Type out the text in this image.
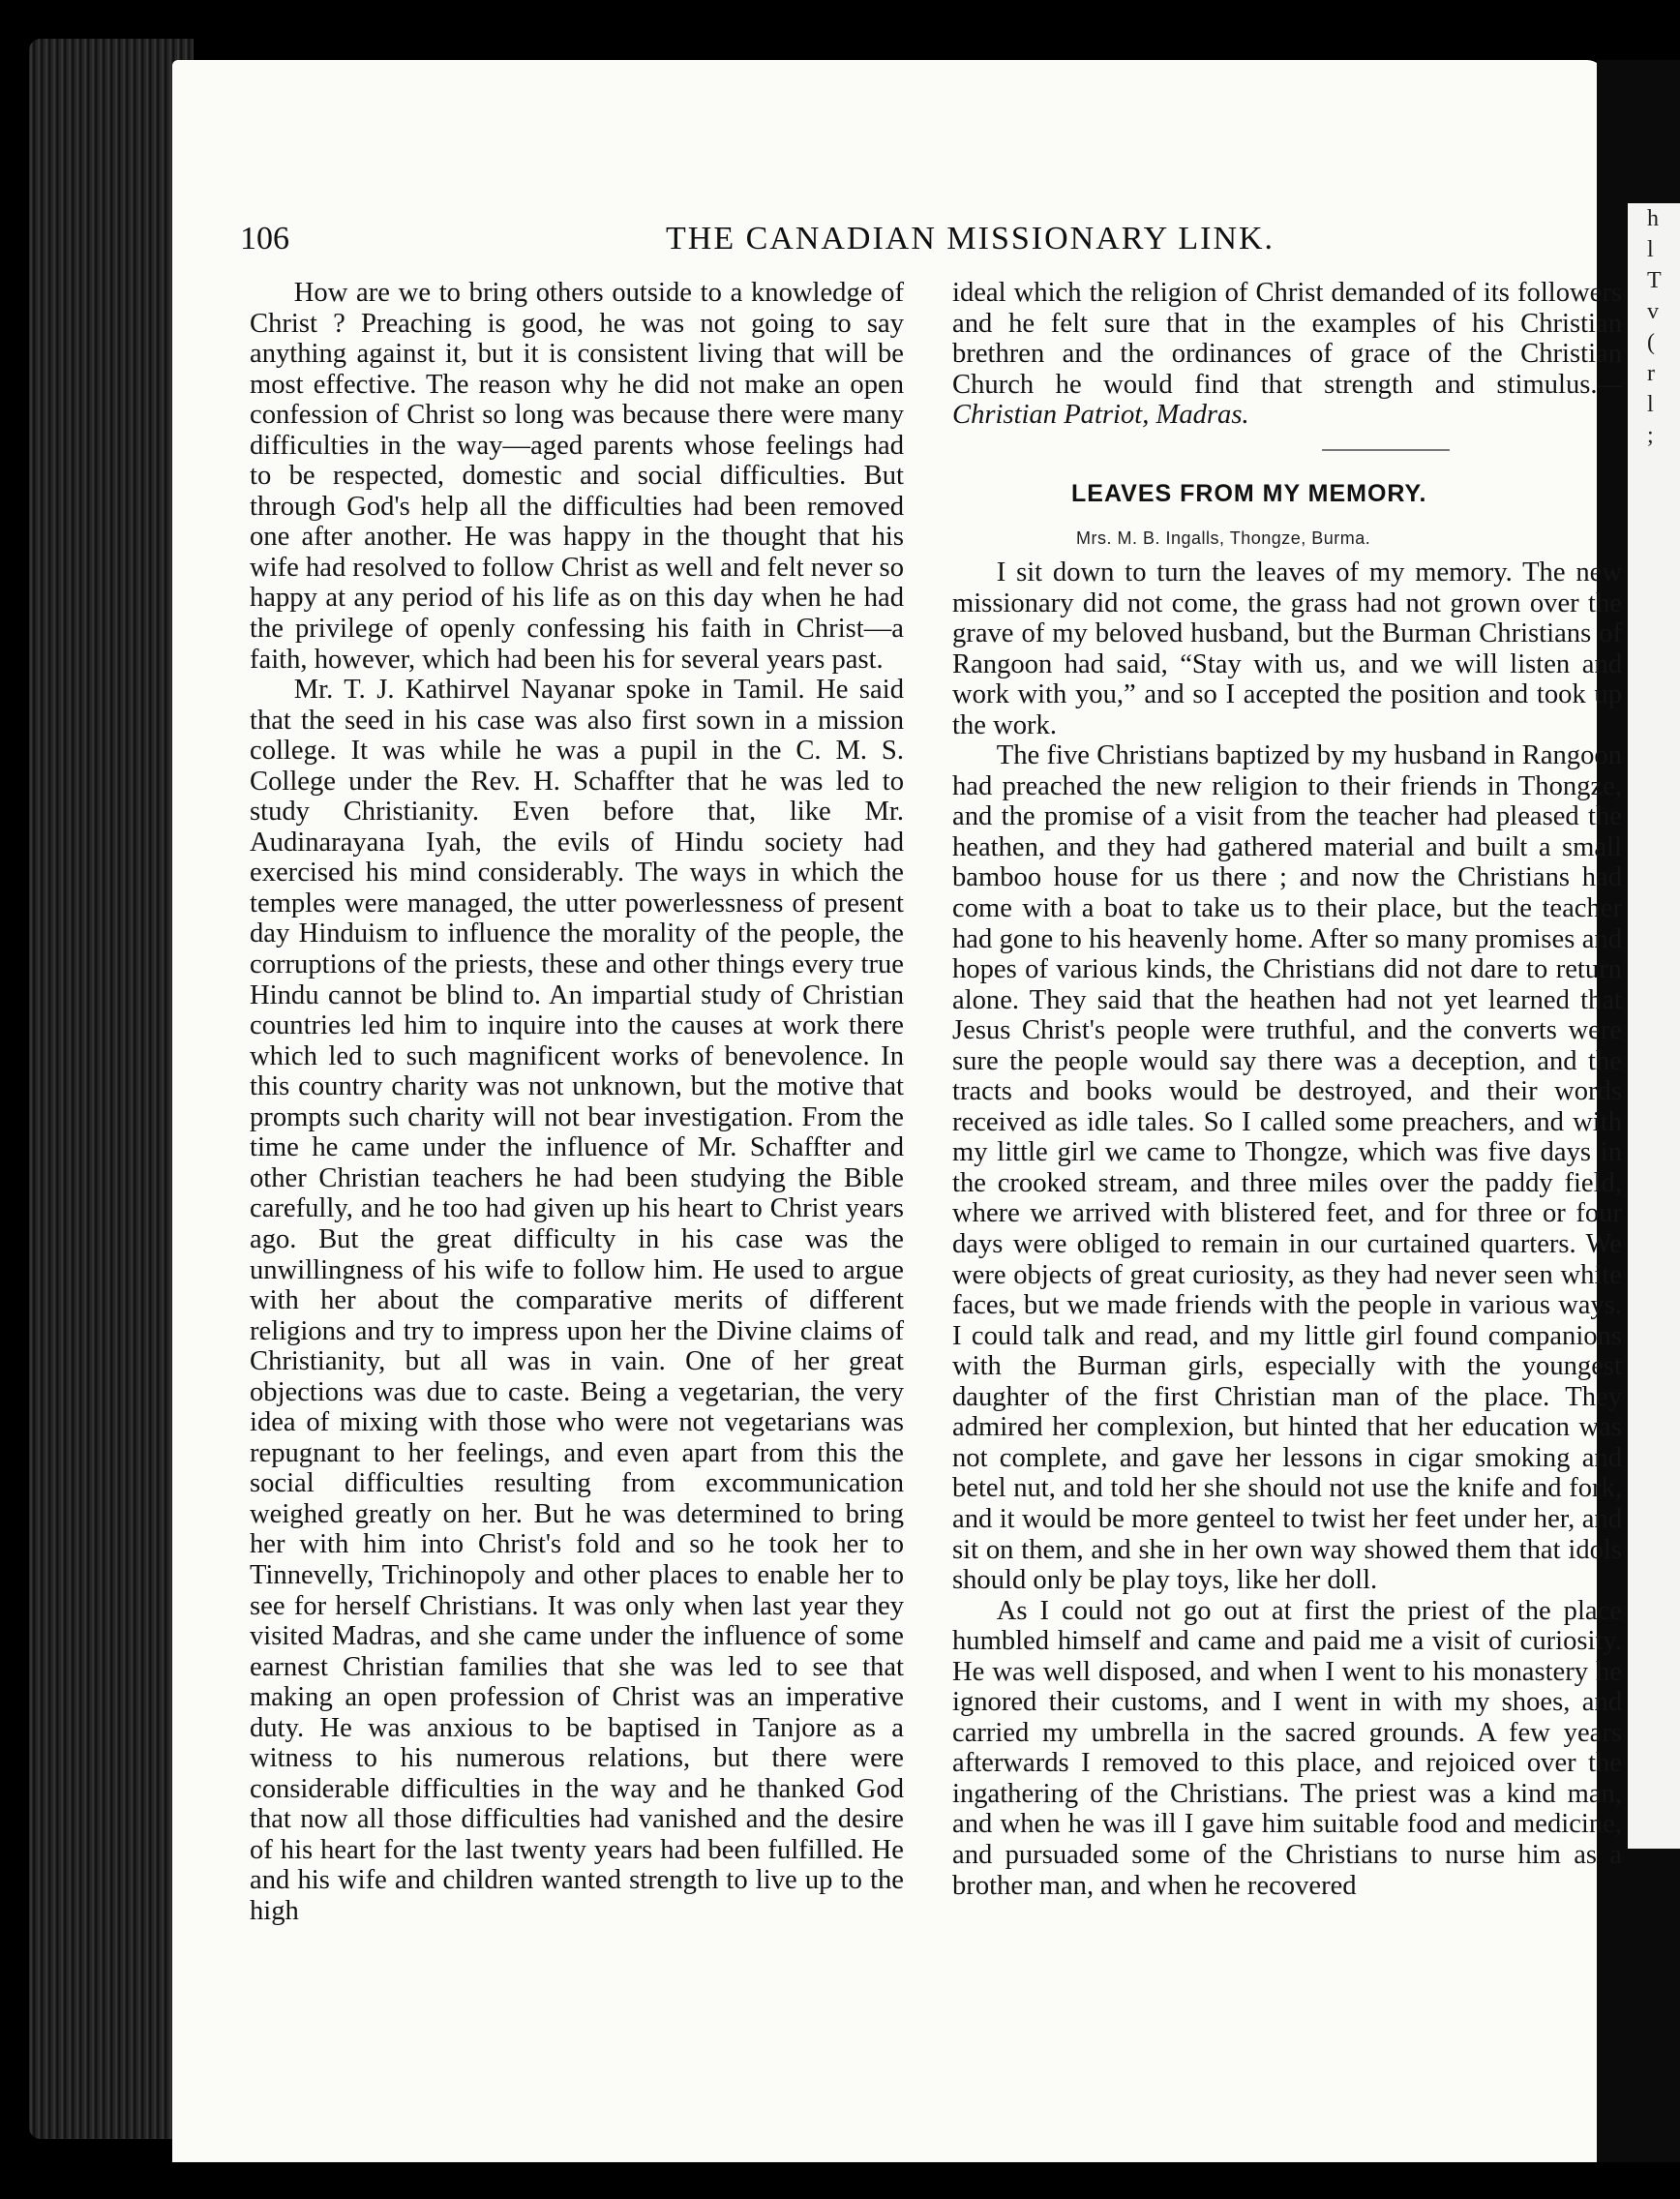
h
l
T
v
(
r
l
;
106	THE CANADIAN MISSIONARY LINK.

How are we to bring others outside to a knowledge of Christ ? Preaching is good, he was not going to say anything against it, but it is consistent living that will be most effective. The reason why he did not make an open confession of Christ so long was because there were many difficulties in the way—aged parents whose feelings had to be respected, domestic and social difficulties. But through God's help all the difficulties had been removed one after another. He was happy in the thought that his wife had resolved to follow Christ as well and felt never so happy at any period of his life as on this day when he had the privilege of openly confessing his faith in Christ—a faith, however, which had been his for several years past.

Mr. T. J. Kathirvel Nayanar spoke in Tamil. He said that the seed in his case was also first sown in a mission college. It was while he was a pupil in the C. M. S. College under the Rev. H. Schaffter that he was led to study Christianity. Even before that, like Mr. Audinarayana Iyah, the evils of Hindu society had exercised his mind considerably. The ways in which the temples were managed, the utter powerlessness of present day Hinduism to influence the morality of the people, the corruptions of the priests, these and other things every true Hindu cannot be blind to. An impartial study of Christian countries led him to inquire into the causes at work there which led to such magnificent works of benevolence. In this country charity was not unknown, but the motive that prompts such charity will not bear investigation. From the time he came under the influence of Mr. Schaffter and other Christian teachers he had been studying the Bible carefully, and he too had given up his heart to Christ years ago. But the great difficulty in his case was the unwillingness of his wife to follow him. He used to argue with her about the comparative merits of different religions and try to impress upon her the Divine claims of Christianity, but all was in vain. One of her great objections was due to caste. Being a vegetarian, the very idea of mixing with those who were not vegetarians was repugnant to her feelings, and even apart from this the social difficulties resulting from excommunication weighed greatly on her. But he was determined to bring her with him into Christ's fold and so he took her to Tinnevelly, Trichinopoly and other places to enable her to see for herself Christians. It was only when last year they visited Madras, and she came under the influence of some earnest Christian families that she was led to see that making an open profession of Christ was an imperative duty. He was anxious to be baptised in Tanjore as a witness to his numerous relations, but there were considerable difficulties in the way and he thanked God that now all those difficulties had vanished and the desire of his heart for the last twenty years had been fulfilled. He and his wife and children wanted strength to live up to the high

ideal which the religion of Christ demanded of its followers and he felt sure that in the examples of his Christian brethren and the ordinances of grace of the Christian Church he would find that strength and stimulus.—Christian Patriot, Madras.

LEAVES FROM MY MEMORY.
Mrs. M. B. Ingalls, Thongze, Burma.

I sit down to turn the leaves of my memory. The new missionary did not come, the grass had not grown over the grave of my beloved husband, but the Burman Christians of Rangoon had said, “Stay with us, and we will listen and work with you,” and so I accepted the position and took up the work.

The five Christians baptized by my husband in Rangoon had preached the new religion to their friends in Thongze, and the promise of a visit from the teacher had pleased the heathen, and they had gathered material and built a small bamboo house for us there ; and now the Christians had come with a boat to take us to their place, but the teacher had gone to his heavenly home. After so many promises and hopes of various kinds, the Christians did not dare to return alone. They said that the heathen had not yet learned that Jesus Christ's people were truthful, and the converts were sure the people would say there was a deception, and the tracts and books would be destroyed, and their words received as idle tales. So I called some preachers, and with my little girl we came to Thongze, which was five days in the crooked stream, and three miles over the paddy field, where we arrived with blistered feet, and for three or four days were obliged to remain in our curtained quarters. We were objects of great curiosity, as they had never seen white faces, but we made friends with the people in various ways. I could talk and read, and my little girl found companions with the Burman girls, especially with the youngest daughter of the first Christian man of the place. They admired her complexion, but hinted that her education was not complete, and gave her lessons in cigar smoking and betel nut, and told her she should not use the knife and fork, and it would be more genteel to twist her feet under her, and sit on them, and she in her own way showed them that idols should only be play toys, like her doll.

As I could not go out at first the priest of the place humbled himself and came and paid me a visit of curiosity. He was well disposed, and when I went to his monastery he ignored their customs, and I went in with my shoes, and carried my umbrella in the sacred grounds. A few years afterwards I removed to this place, and rejoiced over the ingathering of the Christians. The priest was a kind man, and when he was ill I gave him suitable food and medicine, and pursuaded some of the Christians to nurse him as a brother man, and when he recovered
